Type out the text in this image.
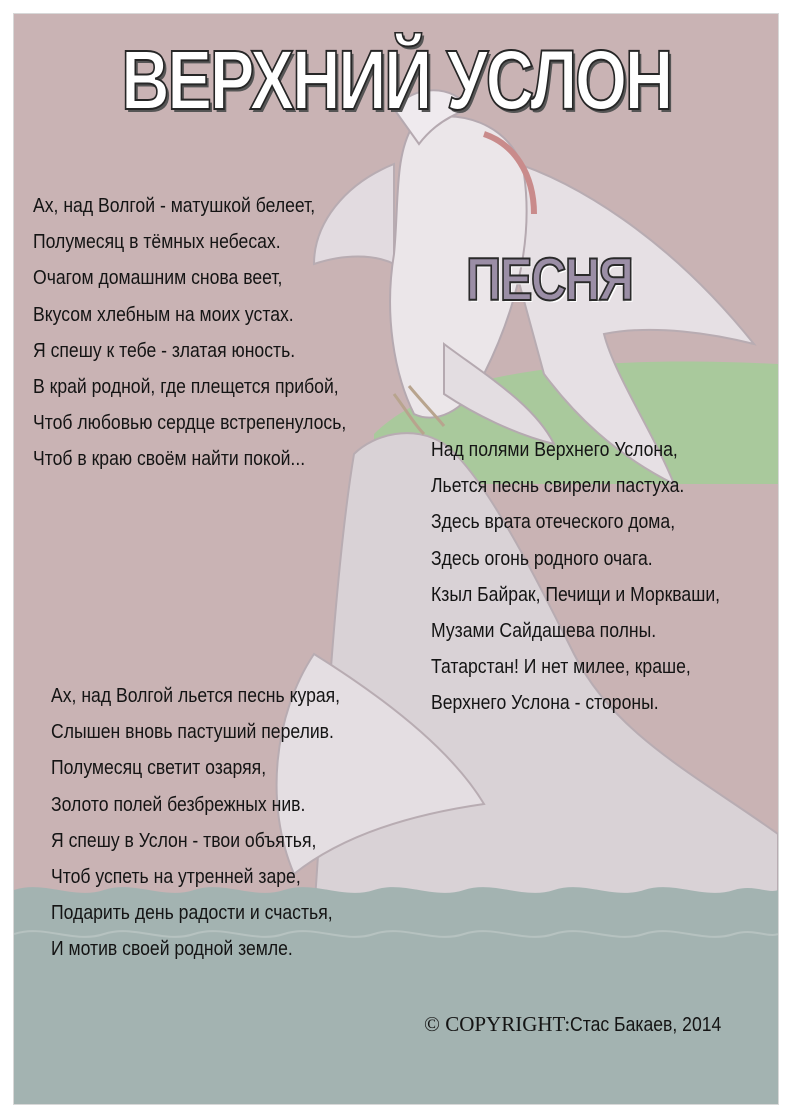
ВЕРХНИЙ УСЛОН
ПЕСНЯ
Ах, над Волгой - матушкой белеет,
Полумесяц в тёмных небесах.
Очагом домашним снова веет,
Вкусом хлебным на моих устах.
Я спешу к тебе - златая юность.
В край родной, где плещется прибой,
Чтоб любовью сердце встрепенулось,
Чтоб в краю своём найти покой...	Над полями Верхнего Услона,
Льется песнь свирели пастуха.
Здесь врата отеческого дома,
Здесь огонь родного очага.
Кзыл Байрак, Печищи и Моркваши,
Музами Сайдашева полны.
Татарстан! И нет милее, краше,
Верхнего Услона - стороны.
Ах, над Волгой льется песнь курая,
Слышен вновь пастуший перелив.
Полумесяц светит озаряя,
Золото полей безбрежных нив.
Я спешу в Услон - твои объятья,
Чтоб успеть на утренней заре,
Подарить день радости и счастья,
И мотив своей родной земле.

© COPYRIGHT:Стас Бакаев, 2014
